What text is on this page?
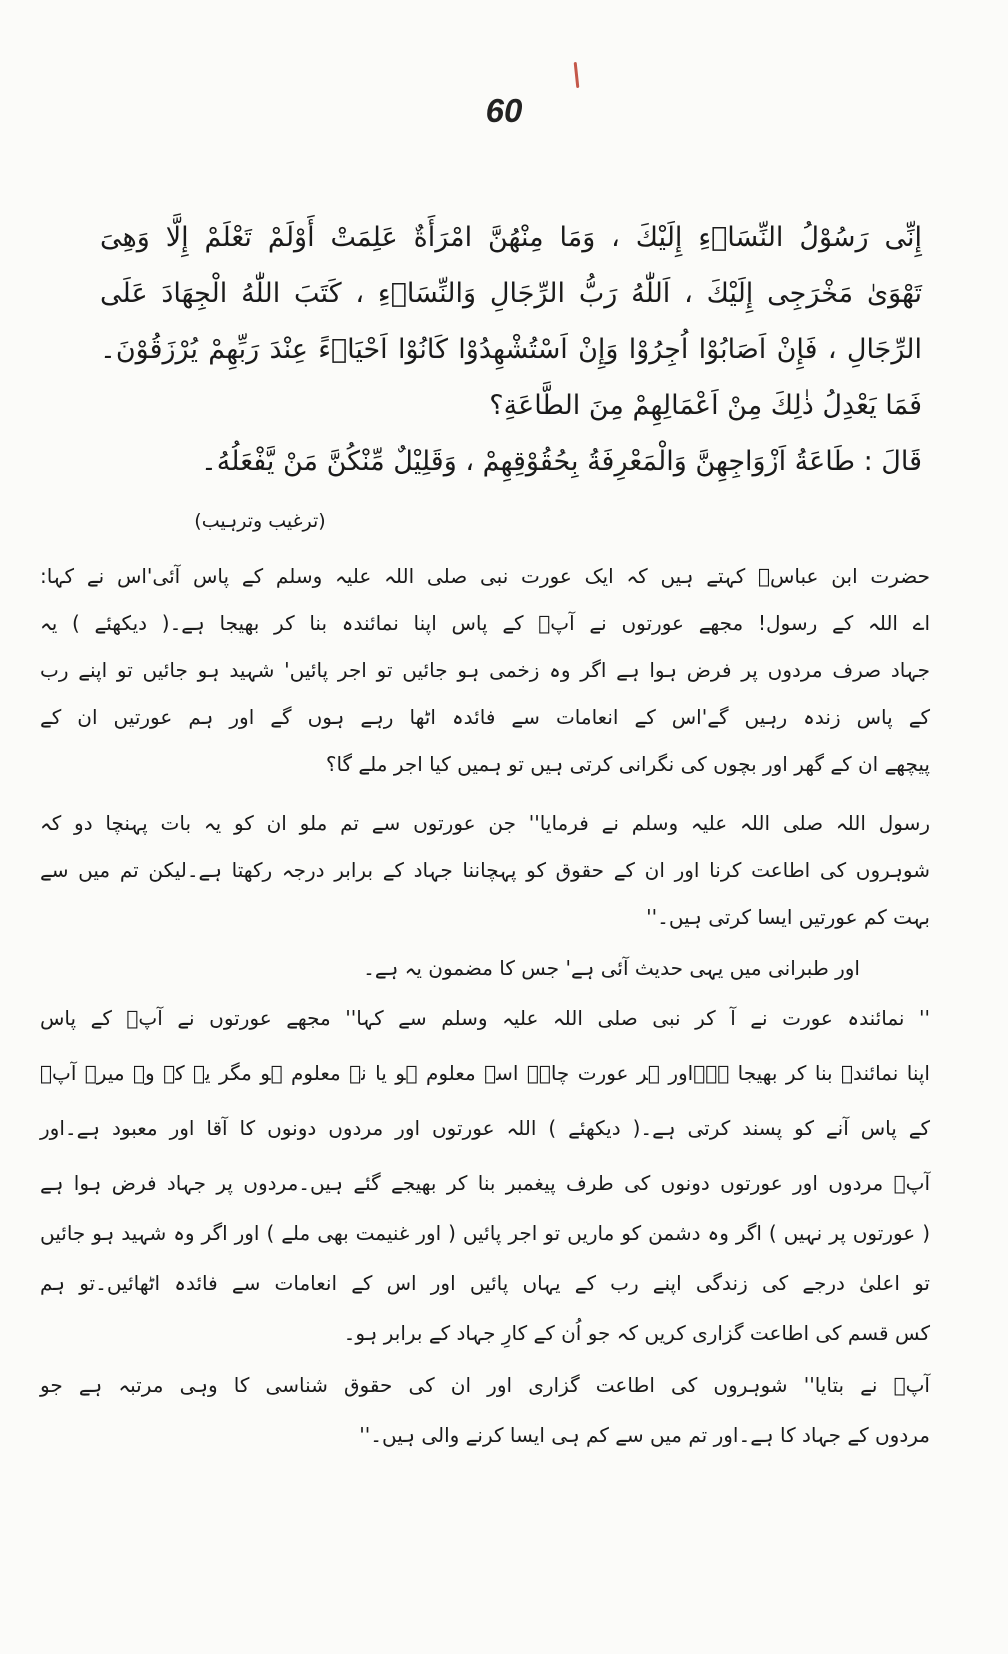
60
إِنِّى رَسُوْلُ النِّسَاۤءِ إِلَيْكَ ، وَمَا مِنْهُنَّ امْرَأَةٌ عَلِمَتْ أَوْلَمْ تَعْلَمْ إِلَّا وَهِىَ
تَهْوَىٰ مَخْرَجِى إِلَيْكَ ، اَللّٰهُ رَبُّ الرِّجَالِ وَالنِّسَاۤءِ ، كَتَبَ اللّٰهُ الْجِهَادَ عَلَى
الرِّجَالِ ، فَإِنْ اَصَابُوْا اُجِرُوْا وَإِنْ اَسْتُشْهِدُوْا كَانُوْا اَحْيَاۤءً عِنْدَ رَبِّهِمْ يُرْزَقُوْنَ۔
فَمَا يَعْدِلُ ذٰلِكَ مِنْ اَعْمَالِهِمْ مِنَ الطَّاعَةِ؟
قَالَ : طَاعَةُ اَزْوَاجِهِنَّ وَالْمَعْرِفَةُ بِحُقُوْقِهِمْ ، وَقَلِيْلٌ مِّنْكُنَّ مَنْ يَّفْعَلُهُ۔
(ترغیب وترہیب)
حضرت ابن عباسؓ کہتے ہیں کہ ایک عورت نبی صلی اللہ علیہ وسلم کے پاس آئی'اس نے کہا:
اے اللہ کے رسول! مجھے عورتوں نے آپؐ کے پاس اپنا نمائندہ بنا کر بھیجا ہے۔( دیکھئے ) یہ
جہاد صرف مردوں پر فرض ہوا ہے اگر وہ زخمی ہو جائیں تو اجر پائیں' شہید ہو جائیں تو اپنے رب
کے پاس زندہ رہیں گے'اس کے انعامات سے فائدہ اٹھا رہے ہوں گے اور ہم عورتیں ان کے
پیچھے ان کے گھر اور بچوں کی نگرانی کرتی ہیں تو ہمیں کیا اجر ملے گا؟
رسول اللہ صلی اللہ علیہ وسلم نے فرمایا'' جن عورتوں سے تم ملو ان کو یہ بات پہنچا دو کہ
شوہروں کی اطاعت کرنا اور ان کے حقوق کو پہچاننا جہاد کے برابر درجہ رکھتا ہے۔لیکن تم میں سے
بہت کم عورتیں ایسا کرتی ہیں۔''
اور طبرانی میں یہی حدیث آئی ہے' جس کا مضمون یہ ہے۔
'' نمائندہ عورت نے آ کر نبی صلی اللہ علیہ وسلم سے کہا'' مجھے عورتوں نے آپؐ کے پاس
اپنا نمائندہ بنا کر بھیجا ہے۔اور ہر عورت چاہے اسے معلوم ہو یا نہ معلوم ہو مگر یہ کہ وہ میرے آپؐ
کے پاس آنے کو پسند کرتی ہے۔( دیکھئے ) اللہ عورتوں اور مردوں دونوں کا آقا اور معبود ہے۔اور
آپؐ مردوں اور عورتوں دونوں کی طرف پیغمبر بنا کر بھیجے گئے ہیں۔مردوں پر جہاد فرض ہوا ہے
( عورتوں پر نہیں ) اگر وہ دشمن کو ماریں تو اجر پائیں ( اور غنیمت بھی ملے ) اور اگر وہ شہید ہو جائیں
تو اعلیٰ درجے کی زندگی اپنے رب کے یہاں پائیں اور اس کے انعامات سے فائدہ اٹھائیں۔تو ہم
کس قسم کی اطاعت گزاری کریں کہ جو اُن کے کارِ جہاد کے برابر ہو۔
آپؐ نے بتایا'' شوہروں کی اطاعت گزاری اور ان کی حقوق شناسی کا وہی مرتبہ ہے جو
مردوں کے جہاد کا ہے۔اور تم میں سے کم ہی ایسا کرنے والی ہیں۔''
